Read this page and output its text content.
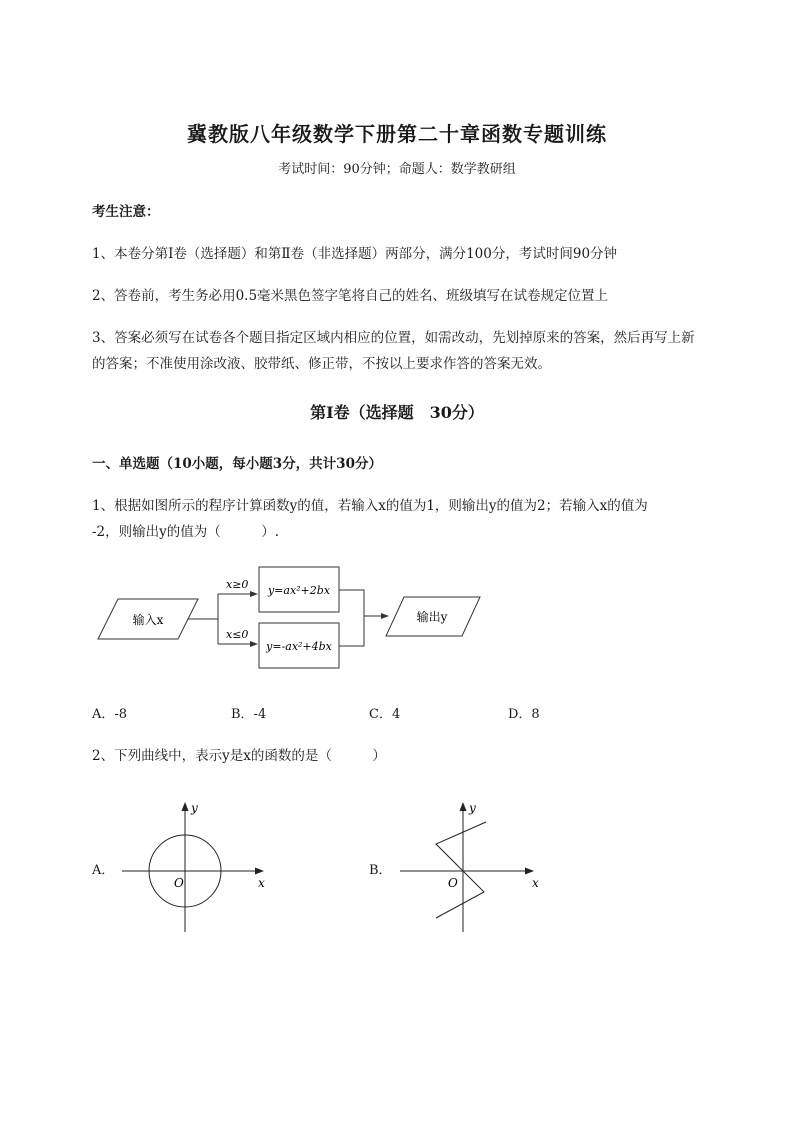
冀教版八年级数学下册第二十章函数专题训练
考试时间：90分钟；命题人：数学教研组
考生注意：
1、本卷分第I卷（选择题）和第Ⅱ卷（非选择题）两部分，满分100分，考试时间90分钟
2、答卷前，考生务必用0.5毫米黑色签字笔将自己的姓名、班级填写在试卷规定位置上
3、答案必须写在试卷各个题目指定区域内相应的位置，如需改动，先划掉原来的答案，然后再写上新
的答案；不准使用涂改液、胶带纸、修正带，不按以上要求作答的答案无效。
第I卷（选择题　30分）
一、单选题（10小题，每小题3分，共计30分）
1、根据如图所示的程序计算函数y的值，若输入x的值为1，则输出y的值为2；若输入x的值为
-2，则输出y的值为（　　　）.
输入x
x≥0
x≤0
y=ax²+2bx
y=-ax²+4bx
输出y
A．-8	B．-4	C．4	D．8
2、下列曲线中，表示y是x的函数的是（　　　）
A．
y
x
O
B．
y
x
O
